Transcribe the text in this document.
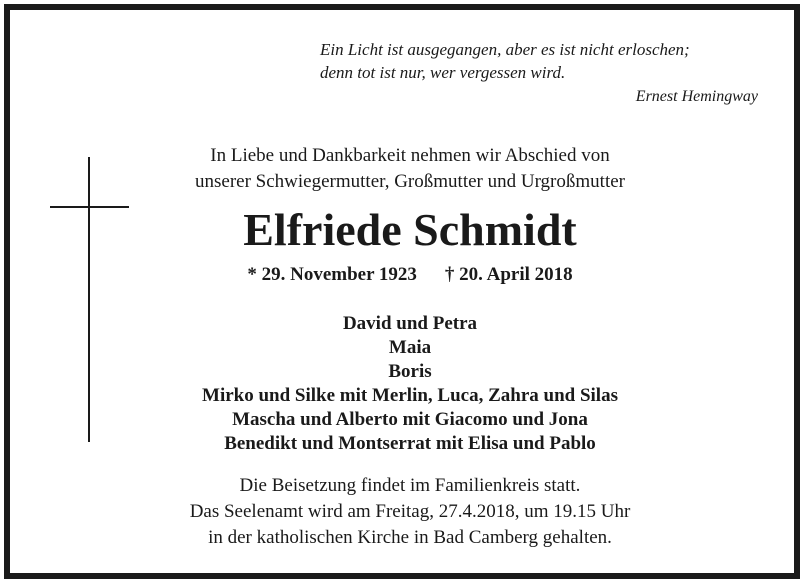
Ein Licht ist ausgegangen, aber es ist nicht erloschen;
denn tot ist nur, wer vergessen wird.
Ernest Hemingway
In Liebe und Dankbarkeit nehmen wir Abschied von
unserer Schwiegermutter, Großmutter und Urgroßmutter
Elfriede Schmidt
* 29. November 1923 † 20. April 2018
David und Petra
Maia
Boris
Mirko und Silke mit Merlin, Luca, Zahra und Silas
Mascha und Alberto mit Giacomo und Jona
Benedikt und Montserrat mit Elisa und Pablo
Die Beisetzung findet im Familienkreis statt.
Das Seelenamt wird am Freitag, 27.4.2018, um 19.15 Uhr
in der katholischen Kirche in Bad Camberg gehalten.
